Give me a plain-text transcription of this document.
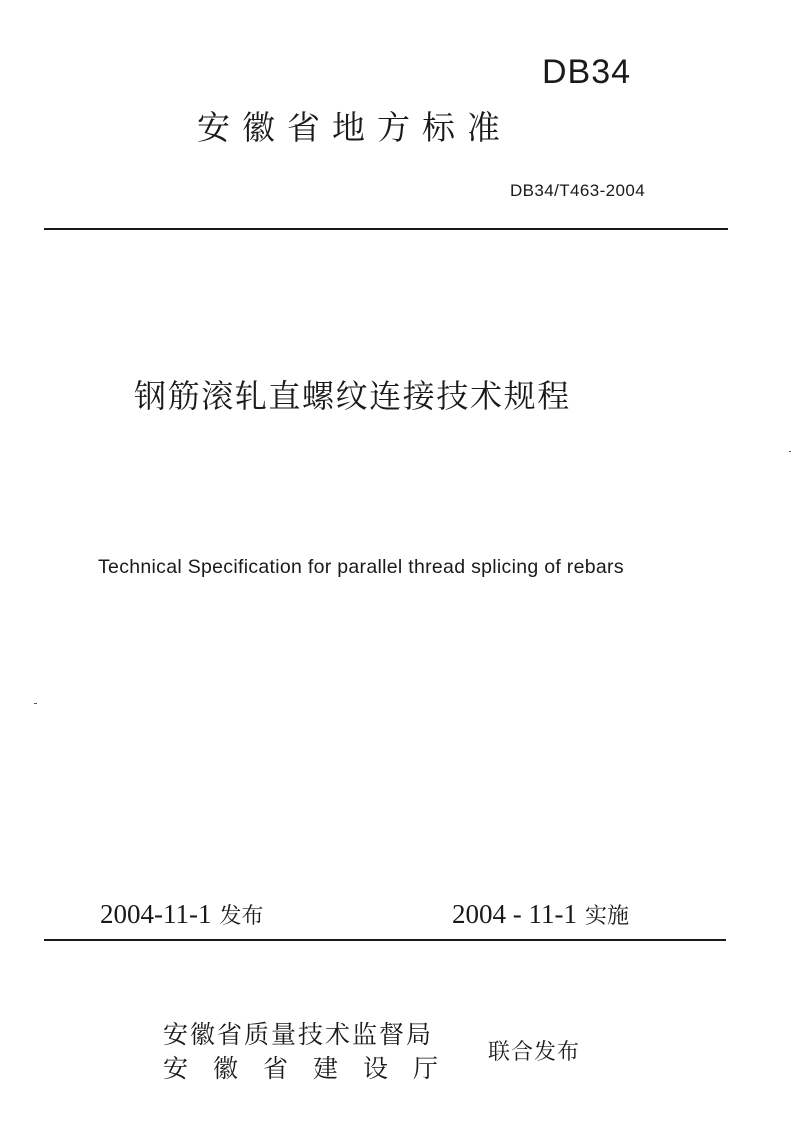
DB34
安徽省地方标准
DB34/T463-2004
钢筋滚轧直螺纹连接技术规程
Technical Specification for parallel thread splicing of rebars
2004-11-1 发布	2004 - 11-1 实施
安徽省质量技术监督局
安徽省建设厅
联合发布
